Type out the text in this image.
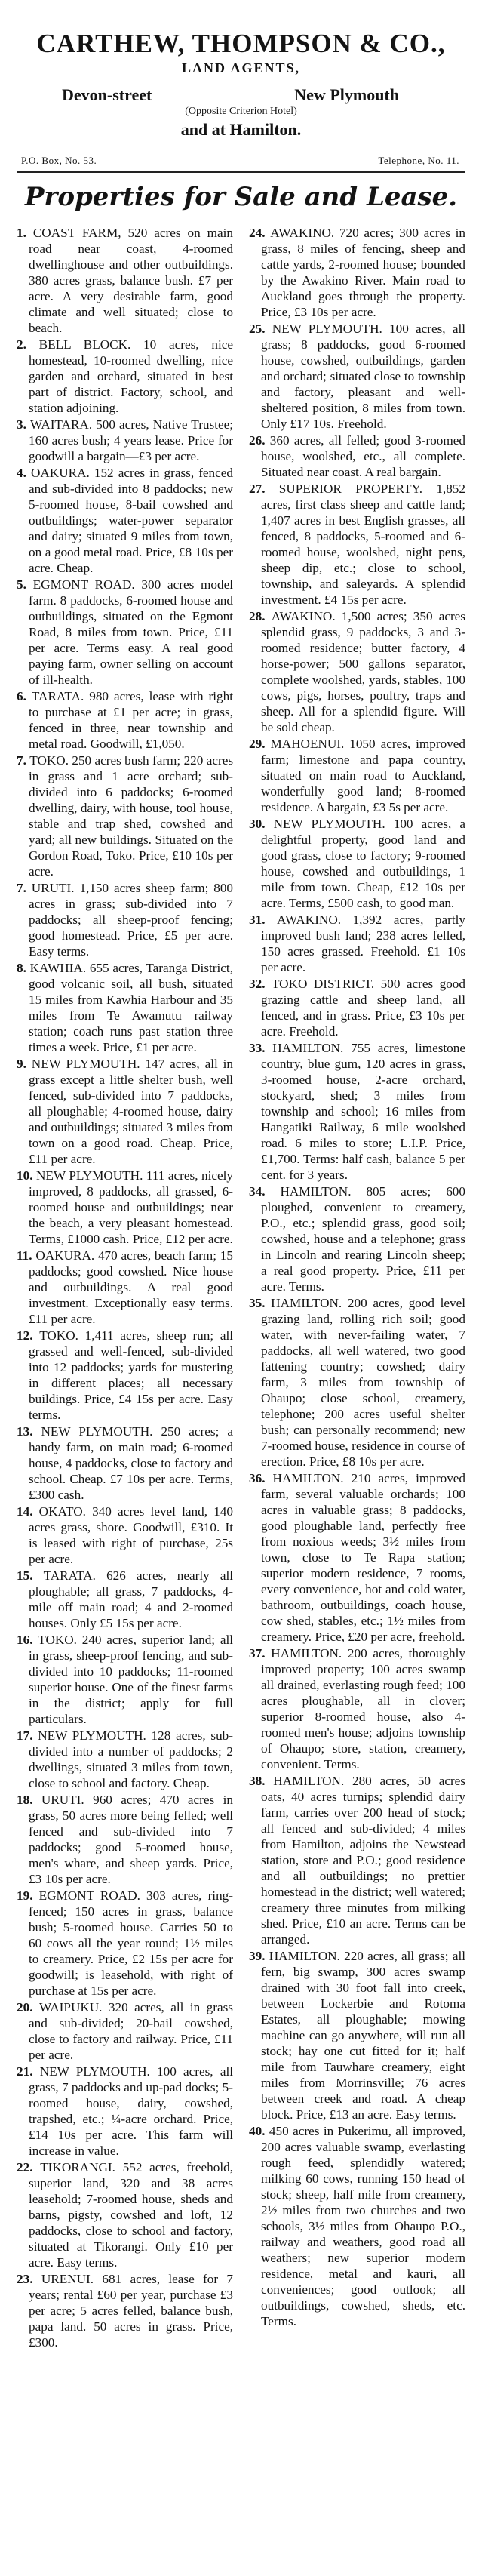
CARTHEW, THOMPSON & CO.,
LAND AGENTS,
Devon-street	New Plymouth
(Opposite Criterion Hotel)
and at Hamilton.
P.O. Box, No. 53.	Telephone, No. 11.
Properties for Sale and Lease.
1. COAST FARM, 520 acres on main road near coast, 4-roomed dwellinghouse and other outbuildings. 380 acres grass, balance bush. £7 per acre. A very desirable farm, good climate and well situated; close to beach.
2. BELL BLOCK. 10 acres, nice homestead, 10-roomed dwelling, nice garden and orchard, situated in best part of district. Factory, school, and station adjoining.
3. WAITARA. 500 acres, Native Trustee; 160 acres bush; 4 years lease. Price for goodwill a bargain—£3 per acre.
4. OAKURA. 152 acres in grass, fenced and sub-divided into 8 paddocks; new 5-roomed house, 8-bail cowshed and outbuildings; water-power separator and dairy; situated 9 miles from town, on a good metal road. Price, £8 10s per acre. Cheap.
5. EGMONT ROAD. 300 acres model farm. 8 paddocks, 6-roomed house and outbuildings, situated on the Egmont Road, 8 miles from town. Price, £11 per acre. Terms easy. A real good paying farm, owner selling on account of ill-health.
6. TARATA. 980 acres, lease with right to purchase at £1 per acre; in grass, fenced in three, near township and metal road. Goodwill, £1,050.
7. TOKO. 250 acres bush farm; 220 acres in grass and 1 acre orchard; sub-divided into 6 paddocks; 6-roomed dwelling, dairy, with house, tool house, stable and trap shed, cowshed and yard; all new buildings. Situated on the Gordon Road, Toko. Price, £10 10s per acre.
7. URUTI. 1,150 acres sheep farm; 800 acres in grass; sub-divided into 7 paddocks; all sheep-proof fencing; good homestead. Price, £5 per acre. Easy terms.
8. KAWHIA. 655 acres, Taranga District, good volcanic soil, all bush, situated 15 miles from Kawhia Harbour and 35 miles from Te Awamutu railway station; coach runs past station three times a week. Price, £1 per acre.
9. NEW PLYMOUTH. 147 acres, all in grass except a little shelter bush, well fenced, sub-divided into 7 paddocks, all ploughable; 4-roomed house, dairy and outbuildings; situated 3 miles from town on a good road. Cheap. Price, £11 per acre.
10. NEW PLYMOUTH. 111 acres, nicely improved, 8 paddocks, all grassed, 6-roomed house and outbuildings; near the beach, a very pleasant homestead. Terms, £1000 cash. Price, £12 per acre.
11. OAKURA. 470 acres, beach farm; 15 paddocks; good cowshed. Nice house and outbuildings. A real good investment. Exceptionally easy terms. £11 per acre.
12. TOKO. 1,411 acres, sheep run; all grassed and well-fenced, sub-divided into 12 paddocks; yards for mustering in different places; all necessary buildings. Price, £4 15s per acre. Easy terms.
13. NEW PLYMOUTH. 250 acres; a handy farm, on main road; 6-roomed house, 4 paddocks, close to factory and school. Cheap. £7 10s per acre. Terms, £300 cash.
14. OKATO. 340 acres level land, 140 acres grass, shore. Goodwill, £310. It is leased with right of purchase, 25s per acre.
15. TARATA. 626 acres, nearly all ploughable; all grass, 7 paddocks, 4-mile off main road; 4 and 2-roomed houses. Only £5 15s per acre.
16. TOKO. 240 acres, superior land; all in grass, sheep-proof fencing, and sub-divided into 10 paddocks; 11-roomed superior house. One of the finest farms in the district; apply for full particulars.
17. NEW PLYMOUTH. 128 acres, sub-divided into a number of paddocks; 2 dwellings, situated 3 miles from town, close to school and factory. Cheap.
18. URUTI. 960 acres; 470 acres in grass, 50 acres more being felled; well fenced and sub-divided into 7 paddocks; good 5-roomed house, men's whare, and sheep yards. Price, £3 10s per acre.
19. EGMONT ROAD. 303 acres, ring-fenced; 150 acres in grass, balance bush; 5-roomed house. Carries 50 to 60 cows all the year round; 1½ miles to creamery. Price, £2 15s per acre for goodwill; is leasehold, with right of purchase at 15s per acre.
20. WAIPUKU. 320 acres, all in grass and sub-divided; 20-bail cowshed, close to factory and railway. Price, £11 per acre.
21. NEW PLYMOUTH. 100 acres, all grass, 7 paddocks and up-pad docks; 5-roomed house, dairy, cowshed, trapshed, etc.; ¼-acre orchard. Price, £14 10s per acre. This farm will increase in value.
22. TIKORANGI. 552 acres, freehold, superior land, 320 and 38 acres leasehold; 7-roomed house, sheds and barns, pigsty, cowshed and loft, 12 paddocks, close to school and factory, situated at Tikorangi. Only £10 per acre. Easy terms.
23. URENUI. 681 acres, lease for 7 years; rental £60 per year, purchase £3 per acre; 5 acres felled, balance bush, papa land. 50 acres in grass. Price, £300.
24. AWAKINO. 720 acres; 300 acres in grass, 8 miles of fencing, sheep and cattle yards, 2-roomed house; bounded by the Awakino River. Main road to Auckland goes through the property. Price, £3 10s per acre.
25. NEW PLYMOUTH. 100 acres, all grass; 8 paddocks, good 6-roomed house, cowshed, outbuildings, garden and orchard; situated close to township and factory, pleasant and well-sheltered position, 8 miles from town. Only £17 10s. Freehold.
26. 360 acres, all felled; good 3-roomed house, woolshed, etc., all complete. Situated near coast. A real bargain.
27. SUPERIOR PROPERTY. 1,852 acres, first class sheep and cattle land; 1,407 acres in best English grasses, all fenced, 8 paddocks, 5-roomed and 6-roomed house, woolshed, night pens, sheep dip, etc.; close to school, township, and saleyards. A splendid investment. £4 15s per acre.
28. AWAKINO. 1,500 acres; 350 acres splendid grass, 9 paddocks, 3 and 3-roomed residence; butter factory, 4 horse-power; 500 gallons separator, complete woolshed, yards, stables, 100 cows, pigs, horses, poultry, traps and sheep. All for a splendid figure. Will be sold cheap.
29. MAHOENUI. 1050 acres, improved farm; limestone and papa country, situated on main road to Auckland, wonderfully good land; 8-roomed residence. A bargain, £3 5s per acre.
30. NEW PLYMOUTH. 100 acres, a delightful property, good land and good grass, close to factory; 9-roomed house, cowshed and outbuildings, 1 mile from town. Cheap, £12 10s per acre. Terms, £500 cash, to good man.
31. AWAKINO. 1,392 acres, partly improved bush land; 238 acres felled, 150 acres grassed. Freehold. £1 10s per acre.
32. TOKO DISTRICT. 500 acres good grazing cattle and sheep land, all fenced, and in grass. Price, £3 10s per acre. Freehold.
33. HAMILTON. 755 acres, limestone country, blue gum, 120 acres in grass, 3-roomed house, 2-acre orchard, stockyard, shed; 3 miles from township and school; 16 miles from Hangatiki Railway, 6 mile woolshed road. 6 miles to store; L.I.P. Price, £1,700. Terms: half cash, balance 5 per cent. for 3 years.
34. HAMILTON. 805 acres; 600 ploughed, convenient to creamery, P.O., etc.; splendid grass, good soil; cowshed, house and a telephone; grass in Lincoln and rearing Lincoln sheep; a real good property. Price, £11 per acre. Terms.
35. HAMILTON. 200 acres, good level grazing land, rolling rich soil; good water, with never-failing water, 7 paddocks, all well watered, two good fattening country; cowshed; dairy farm, 3 miles from township of Ohaupo; close school, creamery, telephone; 200 acres useful shelter bush; can personally recommend; new 7-roomed house, residence in course of erection. Price, £8 10s per acre.
36. HAMILTON. 210 acres, improved farm, several valuable orchards; 100 acres in valuable grass; 8 paddocks, good ploughable land, perfectly free from noxious weeds; 3½ miles from town, close to Te Rapa station; superior modern residence, 7 rooms, every convenience, hot and cold water, bathroom, outbuildings, coach house, cow shed, stables, etc.; 1½ miles from creamery. Price, £20 per acre, freehold.
37. HAMILTON. 200 acres, thoroughly improved property; 100 acres swamp all drained, everlasting rough feed; 100 acres ploughable, all in clover; superior 8-roomed house, also 4-roomed men's house; adjoins township of Ohaupo; store, station, creamery, convenient. Terms.
38. HAMILTON. 280 acres, 50 acres oats, 40 acres turnips; splendid dairy farm, carries over 200 head of stock; all fenced and sub-divided; 4 miles from Hamilton, adjoins the Newstead station, store and P.O.; good residence and all outbuildings; no prettier homestead in the district; well watered; creamery three minutes from milking shed. Price, £10 an acre. Terms can be arranged.
39. HAMILTON. 220 acres, all grass; all fern, big swamp, 300 acres swamp drained with 30 foot fall into creek, between Lockerbie and Rotoma Estates, all ploughable; mowing machine can go anywhere, will run all stock; hay one cut fitted for it; half mile from Tauwhare creamery, eight miles from Morrinsville; 76 acres between creek and road. A cheap block. Price, £13 an acre. Easy terms.
40. 450 acres in Pukerimu, all improved, 200 acres valuable swamp, everlasting rough feed, splendidly watered; milking 60 cows, running 150 head of stock; sheep, half mile from creamery, 2½ miles from two churches and two schools, 3½ miles from Ohaupo P.O., railway and weathers, good road all weathers; new superior modern residence, metal and kauri, all conveniences; good outlook; all outbuildings, cowshed, sheds, etc. Terms.
